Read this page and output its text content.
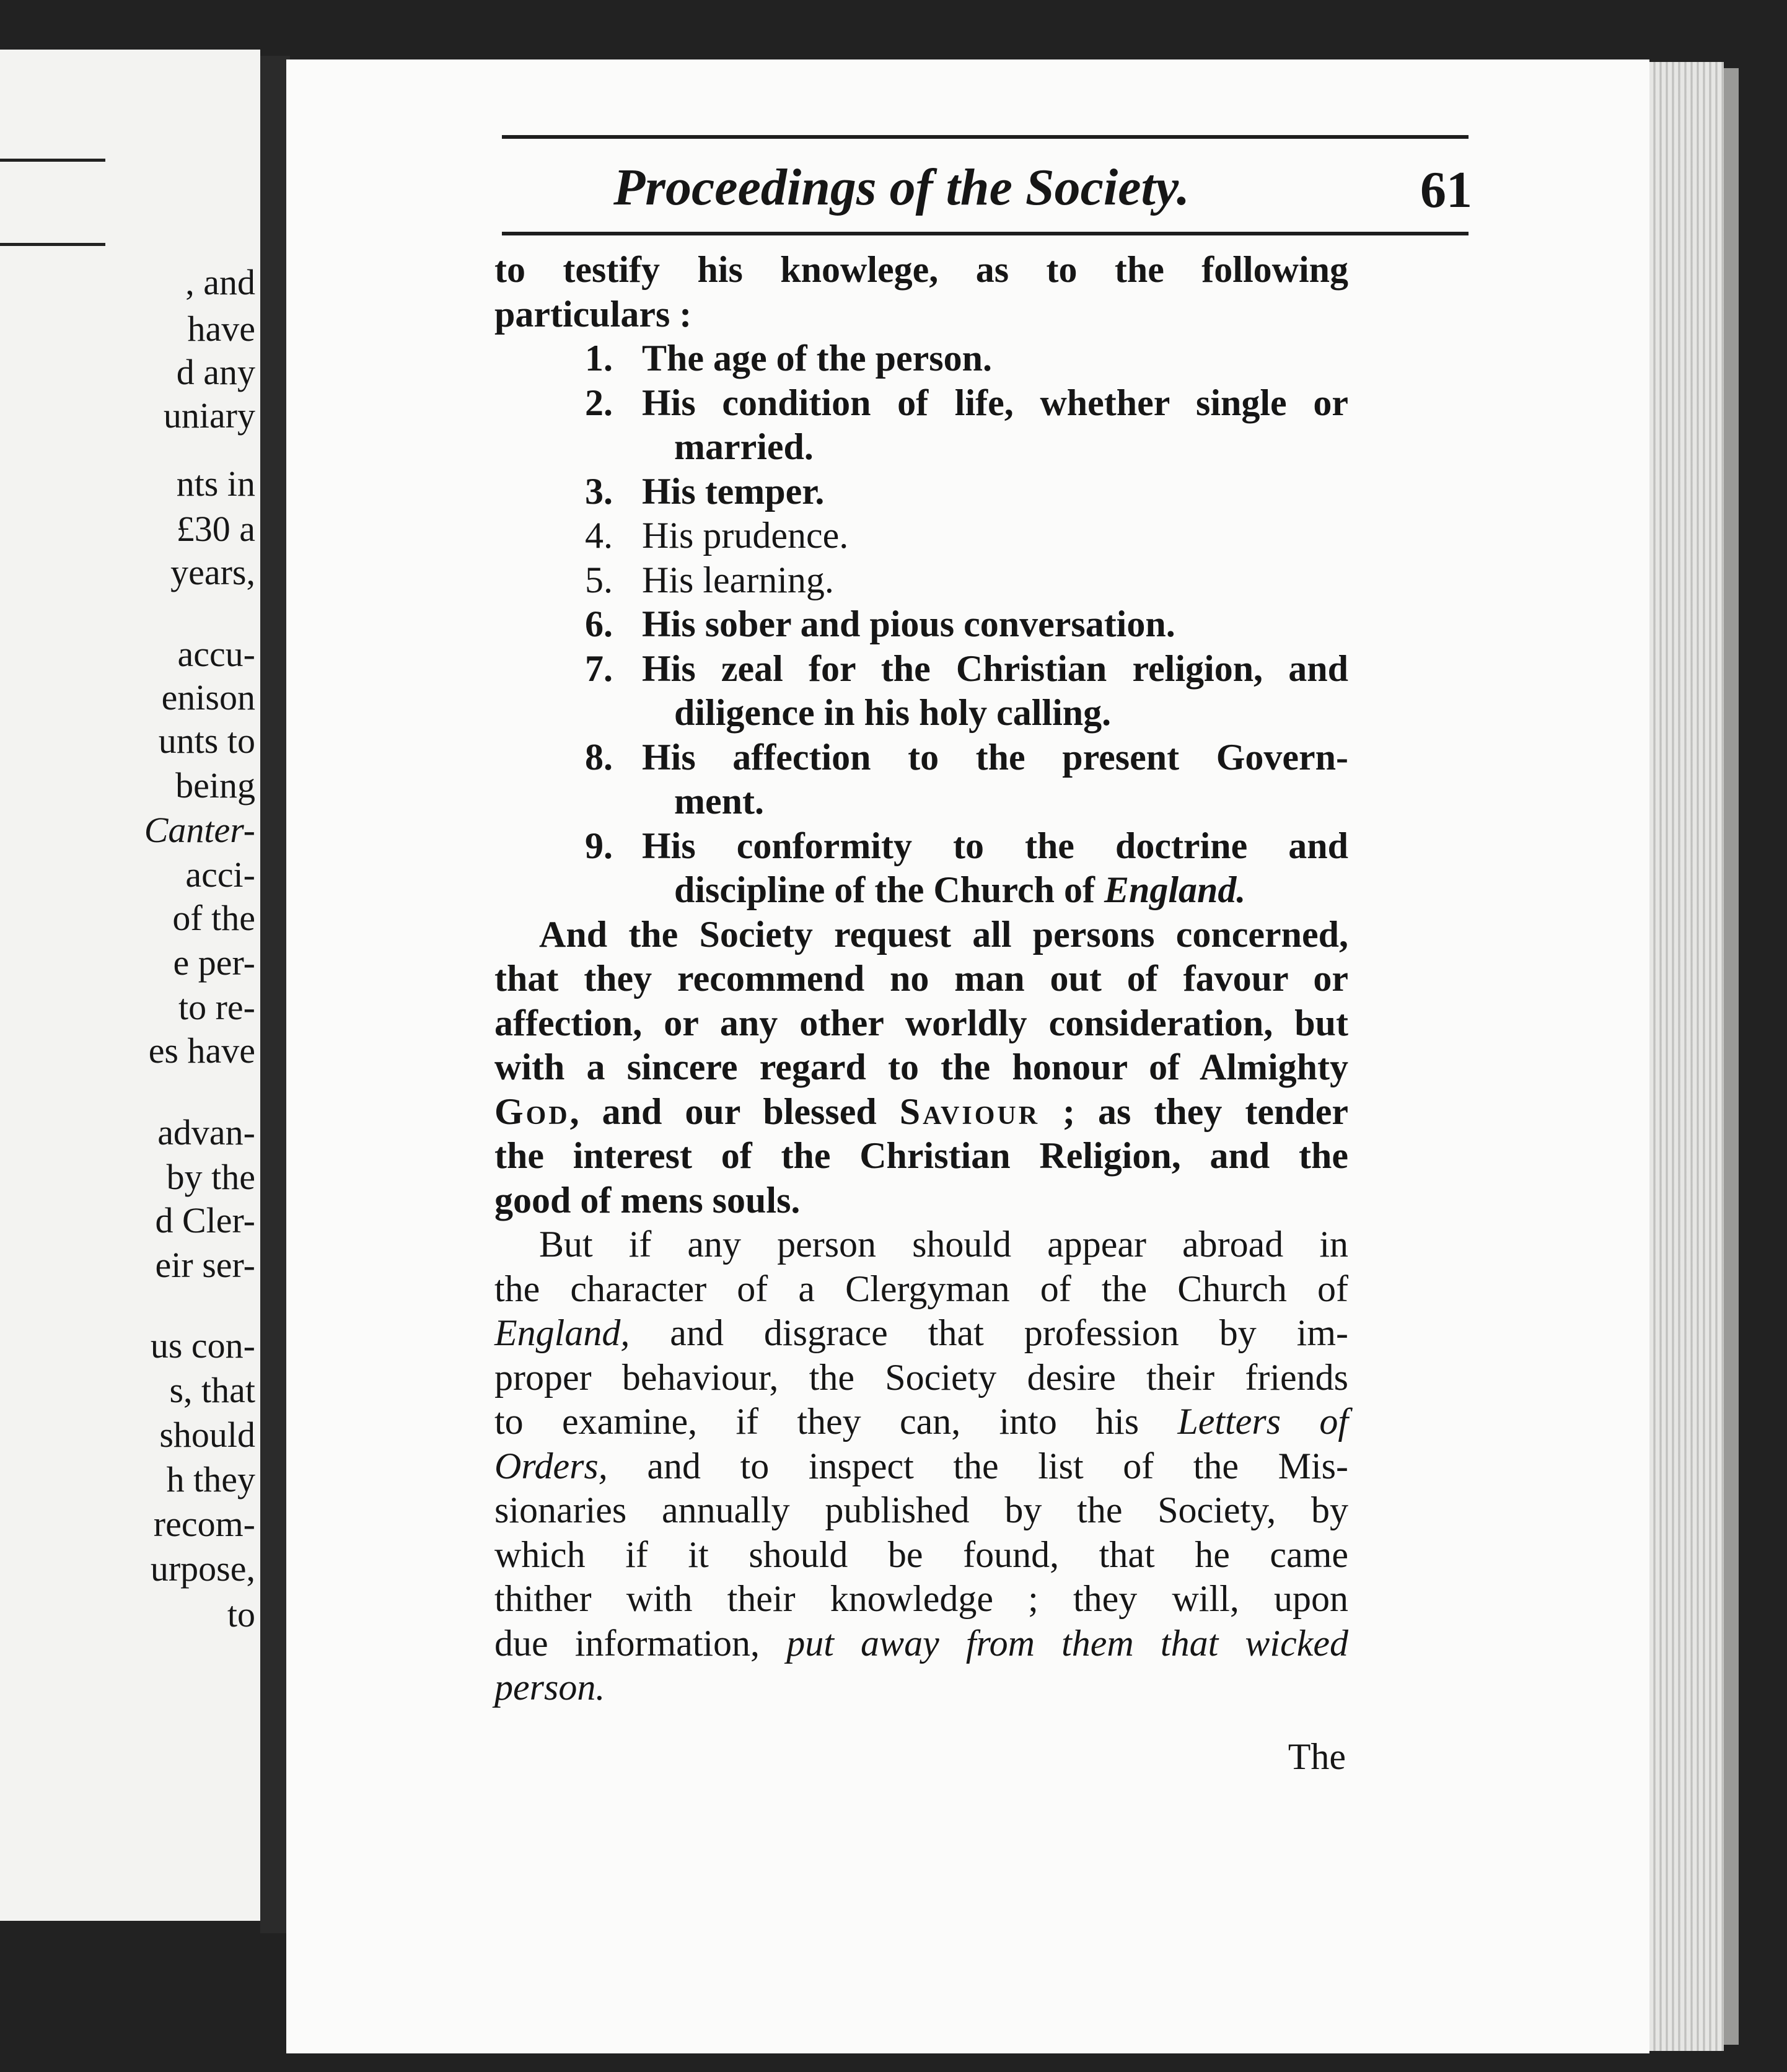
, and
have
d any
uniary
nts in
£30 a
years,
accu-
enison
unts to
being
Canter-
acci-
of the
e per-
to re-
es have
advan-
by the
d Cler-
eir ser-
us con-
s, that
should
h they
recom-
urpose,
to
Proceedings of the Society.	61
to testify his knowlege, as to the following
particulars :
1. The age of the person.
2. His condition of life, whether single or
married.
3. His temper.
4. His prudence.
5. His learning.
6. His sober and pious conversation.
7. His zeal for the Christian religion, and
diligence in his holy calling.
8. His affection to the present Govern-
ment.
9. His conformity to the doctrine and
discipline of the Church of England.
And the Society request all persons concerned,
that they recommend no man out of favour or
affection, or any other worldly consideration, but
with a sincere regard to the honour of Almighty
God, and our blessed Saviour ; as they tender
the interest of the Christian Religion, and the
good of mens souls.
But if any person should appear abroad in
the character of a Clergyman of the Church of
England, and disgrace that profession by im-
proper behaviour, the Society desire their friends
to examine, if they can, into his Letters of
Orders, and to inspect the list of the Mis-
sionaries annually published by the Society, by
which if it should be found, that he came
thither with their knowledge ; they will, upon
due information, put away from them that wicked
person.
The
